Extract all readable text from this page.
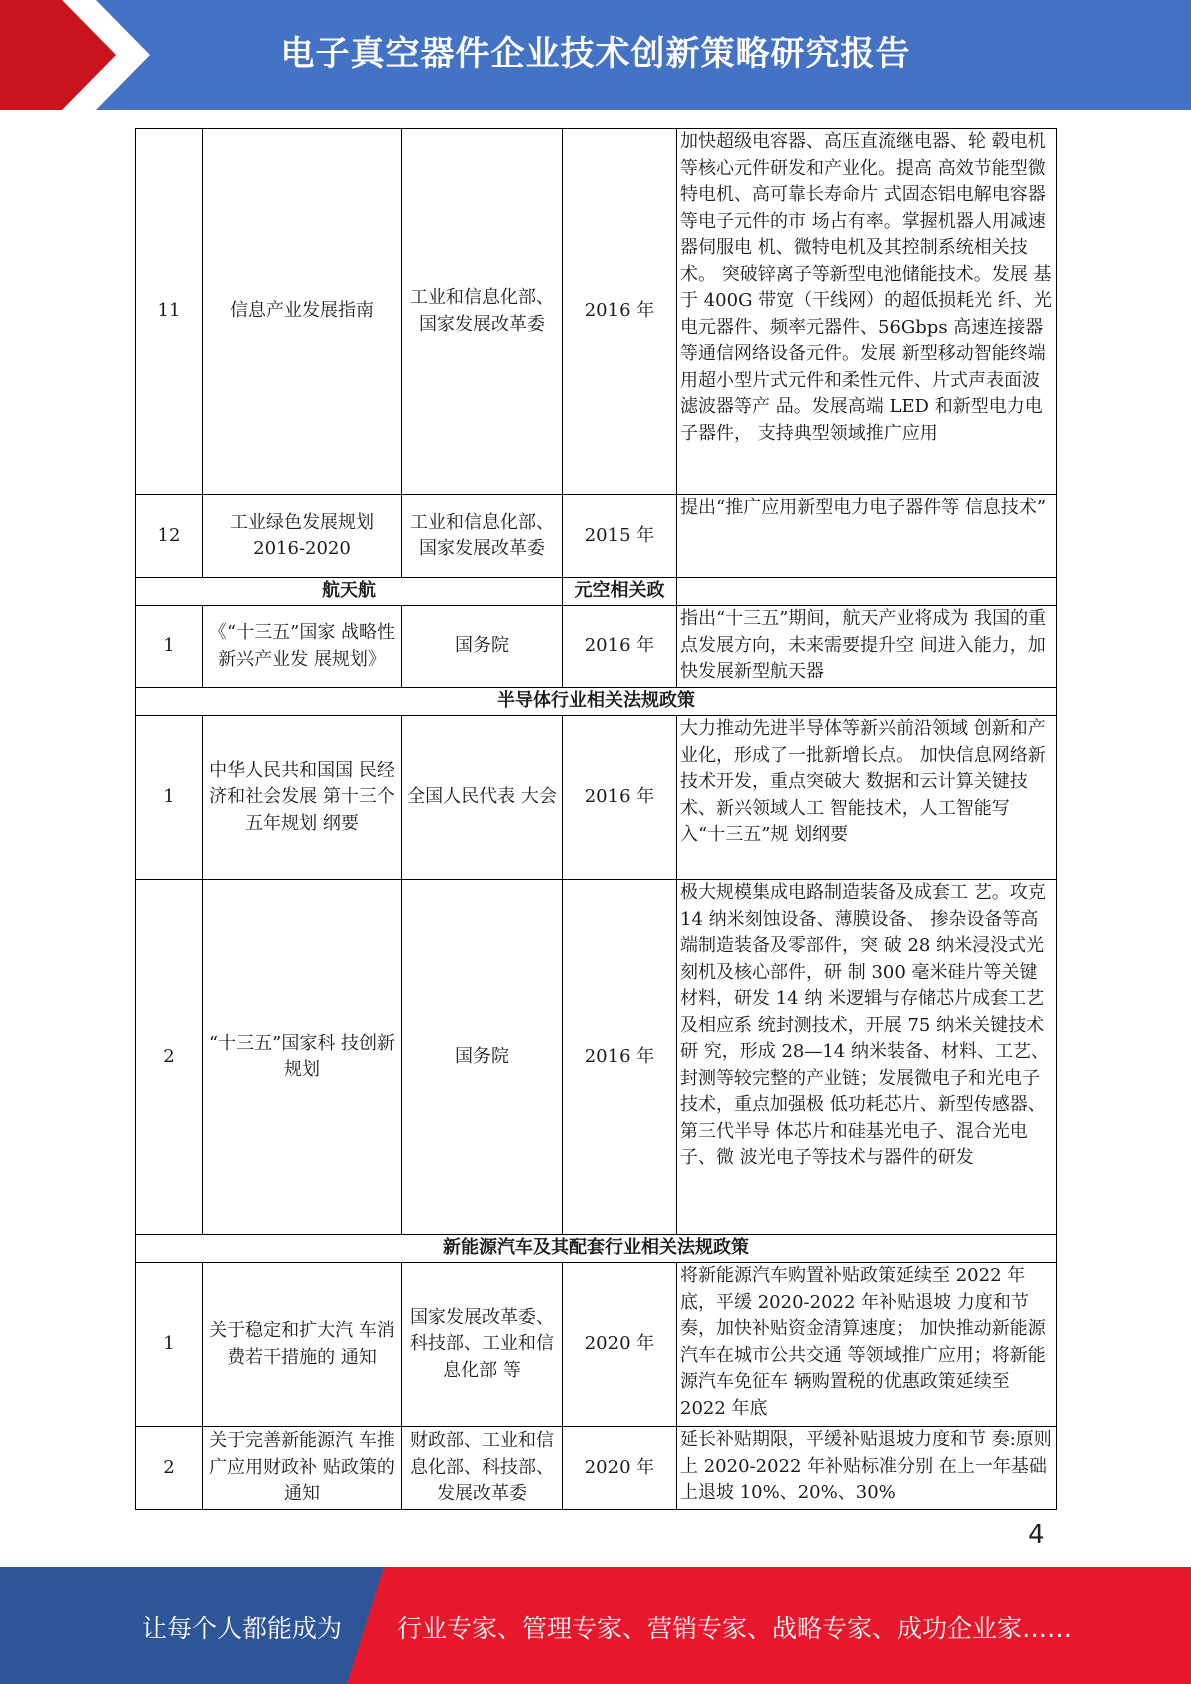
电子真空器件企业技术创新策略研究报告
11	信息产业发展指南	工业和信息化部、国家发展改革委	2016 年	加快超级电容器、高压直流继电器、轮 毂电机等核心元件研发和产业化。提高 高效节能型微特电机、高可靠长寿命片 式固态铝电解电容器等电子元件的市 场占有率。掌握机器人用减速器伺服电 机、微特电机及其控制系统相关技术。 突破锌离子等新型电池储能技术。发展 基于 400G 带宽（干线网）的超低损耗光 纤、光电元器件、频率元器件、56Gbps 高速连接器等通信网络设备元件。发展 新型移动智能终端用超小型片式元件和柔性元件、片式声表面波滤波器等产 品。发展高端 LED 和新型电力电子器件， 支持典型领域推广应用
12	工业绿色发展规划 2016-2020	工业和信息化部、国家发展改革委	2015 年	提出“推广应用新型电力电子器件等 信息技术”
航天航			元空相关政	
1	《“十三五”国家 战略性新兴产业发 展规划》	国务院	2016 年	指出“十三五”期间，航天产业将成为 我国的重点发展方向，未来需要提升空 间进入能力，加快发展新型航天器
半导体行业相关法规政策				
1	中华人民共和国国 民经济和社会发展 第十三个五年规划 纲要	全国人民代表 大会	2016 年	大力推动先进半导体等新兴前沿领域 创新和产业化，形成了一批新增长点。 加快信息网络新技术开发，重点突破大 数据和云计算关键技术、新兴领域人工 智能技术，人工智能写入“十三五”规 划纲要
2	“十三五”国家科 技创新规划	国务院	2016 年	极大规模集成电路制造装备及成套工 艺。攻克 14 纳米刻蚀设备、薄膜设备、 掺杂设备等高端制造装备及零部件，突 破 28 纳米浸没式光刻机及核心部件，研 制 300 毫米硅片等关键材料，研发 14 纳 米逻辑与存储芯片成套工艺及相应系 统封测技术，开展 75 纳米关键技术研 究，形成 28—14 纳米装备、材料、工艺、 封测等较完整的产业链；发展微电子和光电子技术，重点加强极 低功耗芯片、新型传感器、第三代半导 体芯片和硅基光电子、混合光电子、微 波光电子等技术与器件的研发
新能源汽车及其配套行业相关法规政策				
1	关于稳定和扩大汽 车消费若干措施的 通知	国家发展改革委、科技部、工业和信息化部 等	2020 年	将新能源汽车购置补贴政策延续至 2022 年底，平缓 2020-2022 年补贴退坡 力度和节奏，加快补贴资金清算速度； 加快推动新能源汽车在城市公共交通 等领域推广应用；将新能源汽车免征车 辆购置税的优惠政策延续至 2022 年底
2	关于完善新能源汽 车推广应用财政补 贴政策的通知	财政部、工业和信息化部、科技部、发展改革委	2020 年	延长补贴期限，平缓补贴退坡力度和节 奏:原则上 2020-2022 年补贴标准分别 在上一年基础上退坡 10%、20%、30%
4
让每个人都能成为 行业专家、管理专家、营销专家、战略专家、成功企业家……
